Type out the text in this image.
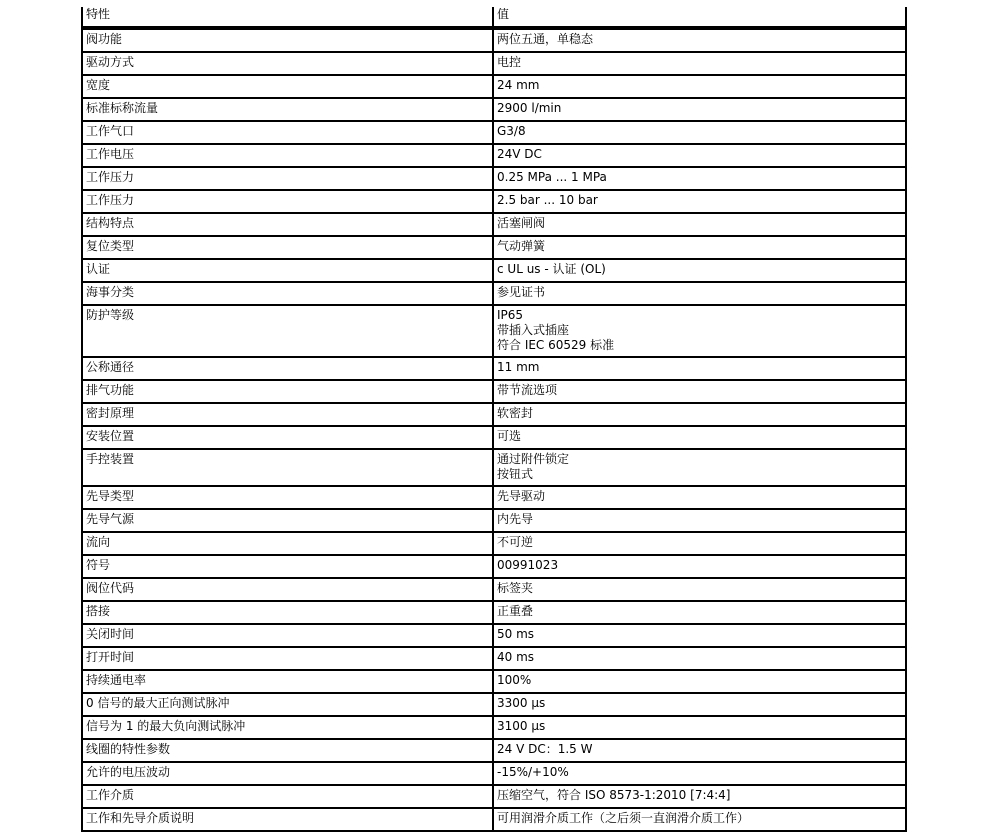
特性	值
阀功能	两位五通，单稳态

驱动方式	电控

宽度	24 mm

标准标称流量	2900 l/min

工作气口	G3/8

工作电压	24V DC

工作压力	0.25 MPa ... 1 MPa

工作压力	2.5 bar ... 10 bar

结构特点	活塞闸阀

复位类型	气动弹簧

认证	c UL us - 认证 (OL)

海事分类	参见证书

防护等级	IP65
带插入式插座
符合 IEC 60529 标准

公称通径	11 mm

排气功能	带节流选项

密封原理	软密封

安装位置	可选

手控装置	通过附件锁定
按钮式

先导类型	先导驱动

先导气源	内先导

流向	不可逆

符号	00991023

阀位代码	标签夹

搭接	正重叠

关闭时间	50 ms

打开时间	40 ms

持续通电率	100%

0 信号的最大正向测试脉冲	3300 µs

信号为 1 的最大负向测试脉冲	3100 µs

线圈的特性参数	24 V DC：1.5 W

允许的电压波动	-15%/+10%

工作介质	压缩空气，符合 ISO 8573-1:2010 [7:4:4]

工作和先导介质说明	可用润滑介质工作（之后须一直润滑介质工作）
